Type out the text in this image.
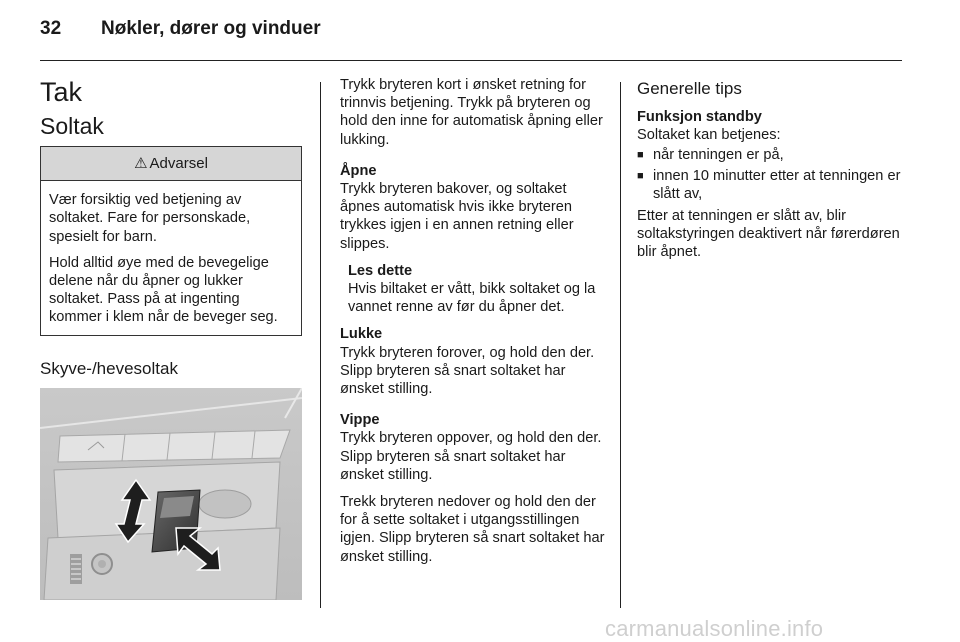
32 Nøkler, dører og vinduer
Tak
Soltak
⚠ Advarsel

Vær forsiktig ved betjening av soltaket. Fare for personskade, spesielt for barn.

Hold alltid øye med de bevegelige delene når du åpner og lukker soltaket. Pass på at ingenting kommer i klem når de beveger seg.

Skyve-/hevesoltak

Trykk bryteren kort i ønsket retning for trinnvis betjening. Trykk på bryteren og hold den inne for automatisk åpning eller lukking.

Åpne

Trykk bryteren bakover, og soltaket åpnes automatisk hvis ikke bryteren trykkes igjen i en annen retning eller slippes.

Les dette

Hvis biltaket er vått, bikk soltaket og la vannet renne av før du åpner det.

Lukke

Trykk bryteren forover, og hold den der. Slipp bryteren så snart soltaket har ønsket stilling.

Vippe

Trykk bryteren oppover, og hold den der. Slipp bryteren så snart soltaket har ønsket stilling.

Trekk bryteren nedover og hold den der for å sette soltaket i utgangsstillingen igjen. Slipp bryteren så snart soltaket har ønsket stilling.

Generelle tips

Funksjon standby

Soltaket kan betjenes:

■ når tenningen er på,
■ innen 10 minutter etter at tenningen er slått av,

Etter at tenningen er slått av, blir soltakstyringen deaktivert når førerdøren blir åpnet.

carmanualsonline.info
